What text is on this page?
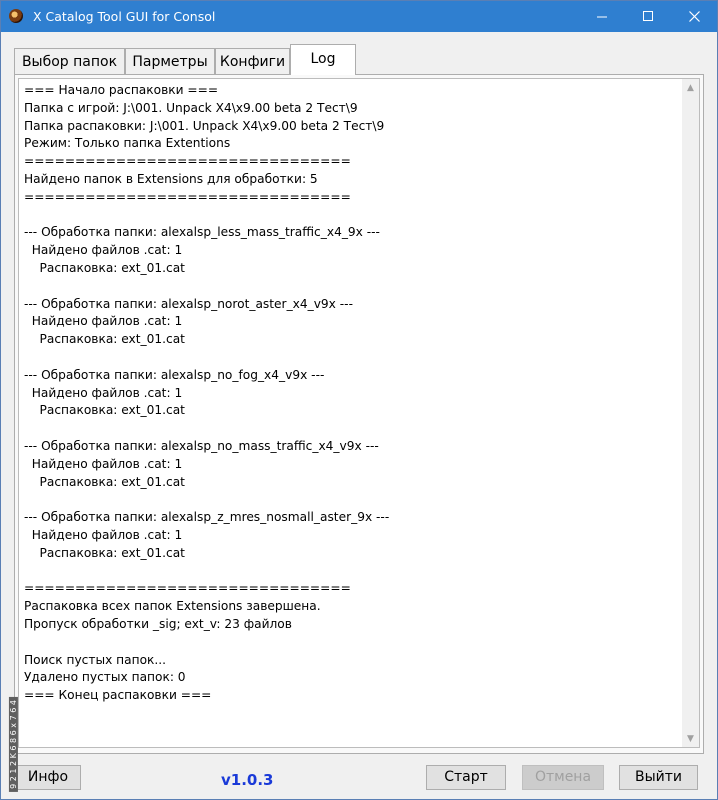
X Catalog Tool GUI for Consol
Выбор папок	Парметры Конфиги	Log
=== Начало распаковки ===
Папка с игрой: J:\001. Unpack X4\x9.00 beta 2 Тест\9
Папка распаковки: J:\001. Unpack X4\x9.00 beta 2 Тест\9
Режим: Только папка Extentions
================================
Найдено папок в Extensions для обработки: 5
================================

--- Обработка папки: alexalsp_less_mass_traffic_x4_9x ---
Найдено файлов .cat: 1
Распаковка: ext_01.cat

--- Обработка папки: alexalsp_norot_aster_x4_v9x ---
Найдено файлов .cat: 1
Распаковка: ext_01.cat

--- Обработка папки: alexalsp_no_fog_x4_v9x ---
Найдено файлов .cat: 1
Распаковка: ext_01.cat

--- Обработка папки: alexalsp_no_mass_traffic_x4_v9x ---
Найдено файлов .cat: 1
Распаковка: ext_01.cat

--- Обработка папки: alexalsp_z_mres_nosmall_aster_9x ---
Найдено файлов .cat: 1
Распаковка: ext_01.cat

================================
Распаковка всех папок Extensions завершена.
Пропуск обработки _sig; ext_v: 23 файлов

Поиск пустых папок...
Удалено пустых папок: 0
=== Конец распаковки ===
▲
▼
Инфо	v1.0.3	Старт	Отмена	Выйти
9 2 1 2 K 6 8 6 x 7 6 4
